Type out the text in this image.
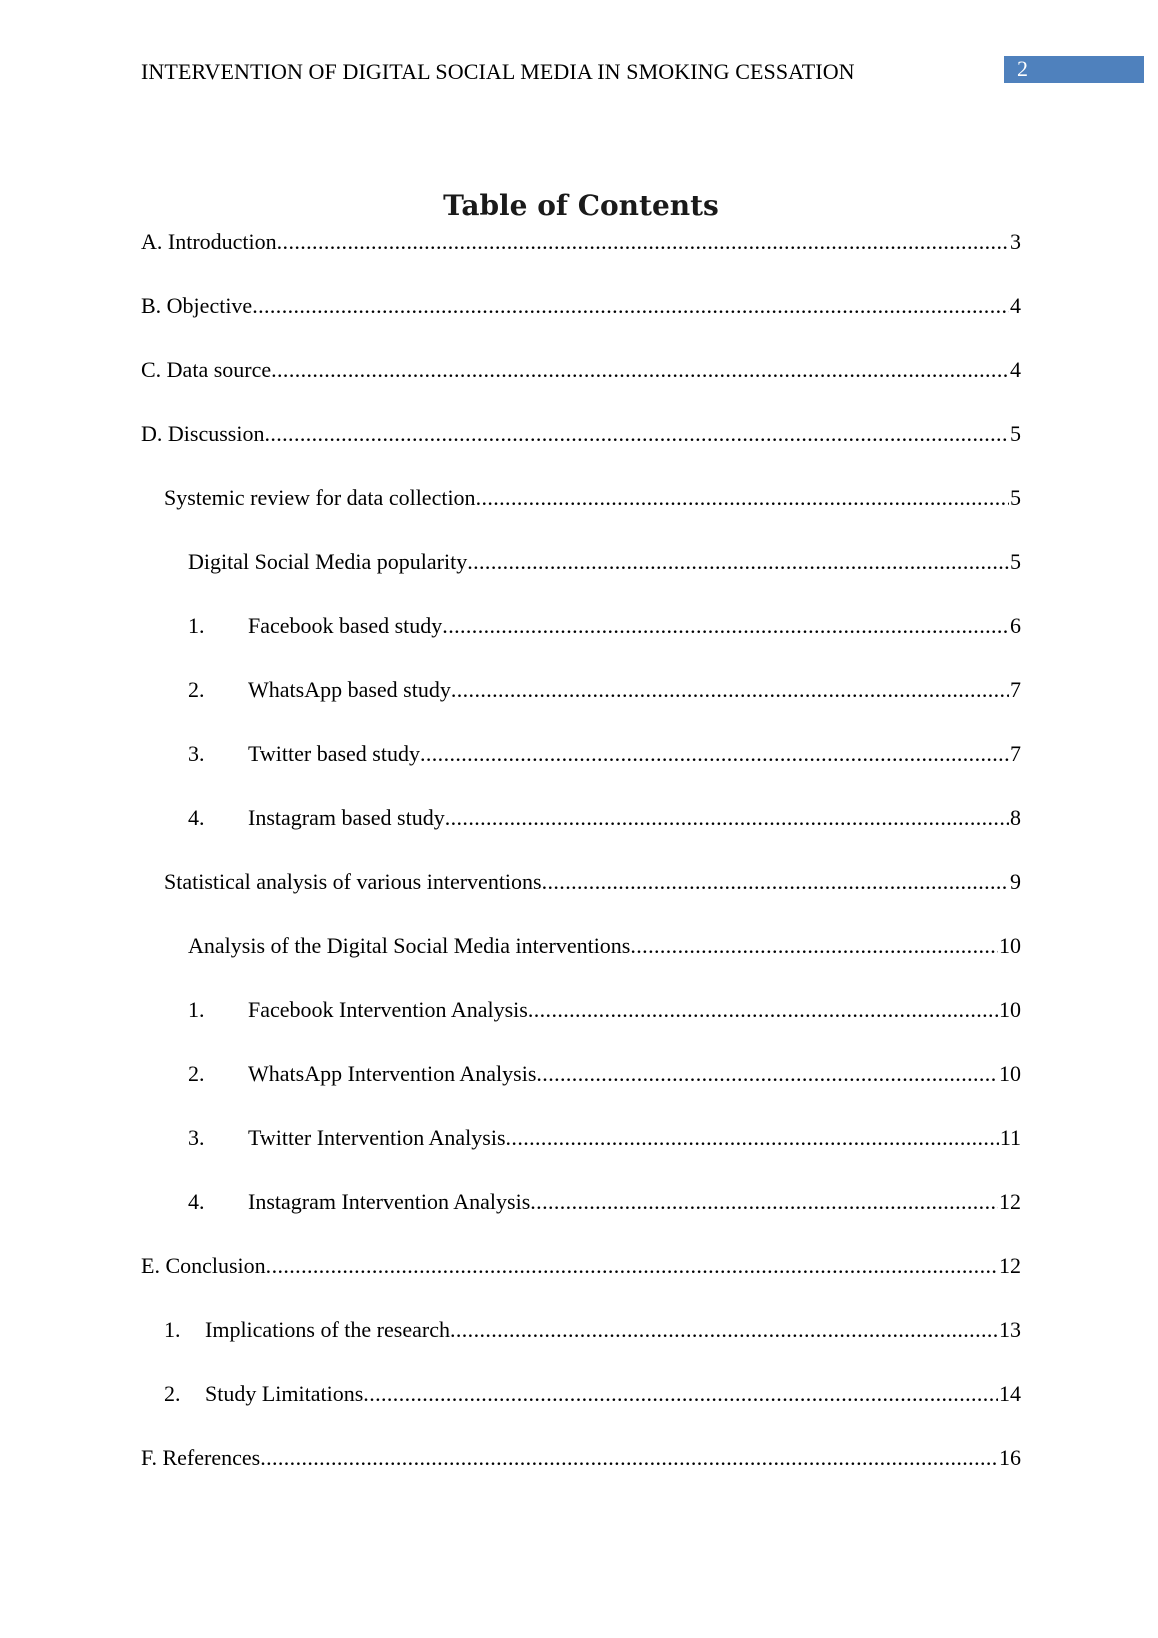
INTERVENTION OF DIGITAL SOCIAL MEDIA IN SMOKING CESSATION	2
Table of Contents
A. Introduction .....	3
B. Objective .....	4
C. Data source .....	4
D. Discussion .....	5
Systemic review for data collection .....	5
Digital Social Media popularity .....	5
1.	Facebook based study .....	6
2.	WhatsApp based study .....	7
3.	Twitter based study .....	7
4.	Instagram based study .....	8
Statistical analysis of various interventions .....	9
Analysis of the Digital Social Media interventions .....	10
1.	Facebook Intervention Analysis .....	10
2.	WhatsApp Intervention Analysis .....	10
3.	Twitter Intervention Analysis .....	11
4.	Instagram Intervention Analysis .....	12
E. Conclusion .....	12
1.	Implications of the research .....	13
2.	Study Limitations .....	14
F. References .....	16
